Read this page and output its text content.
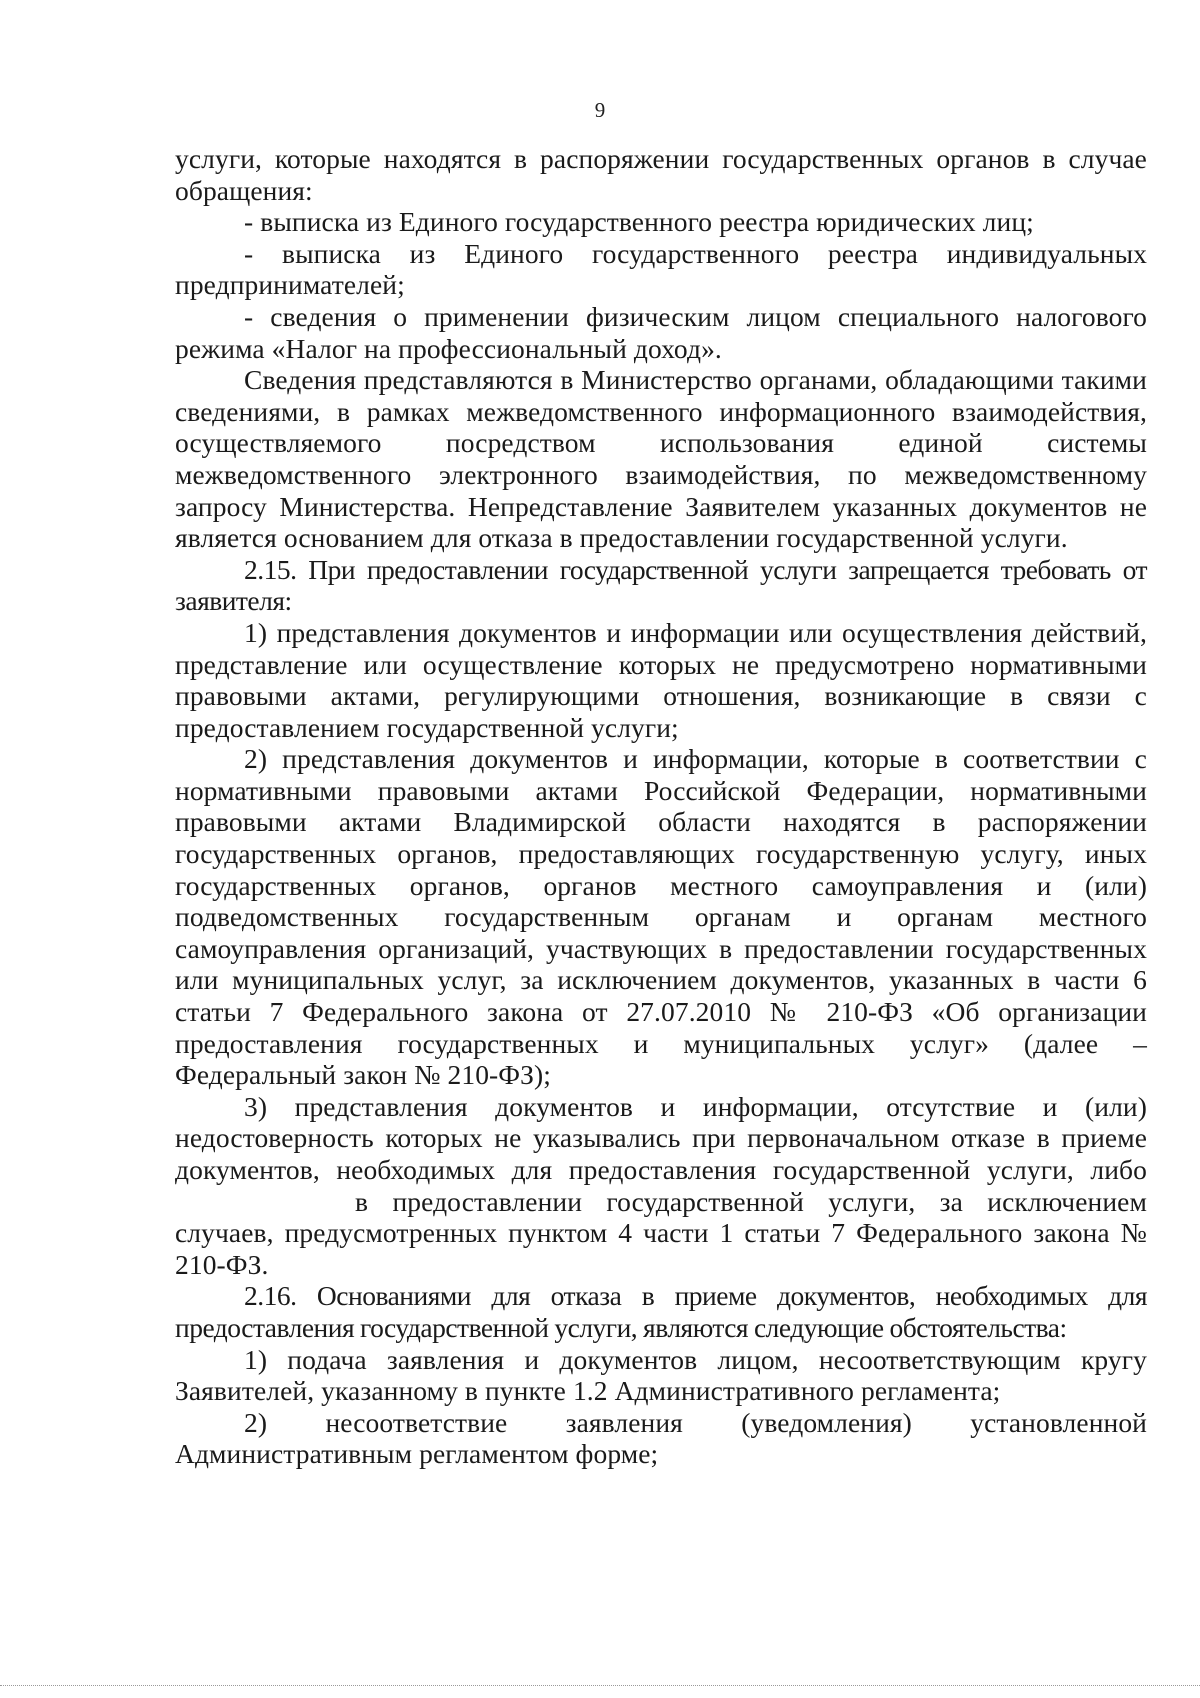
9

услуги, которые находятся в распоряжении государственных органов в случае обращения:

- выписка из Единого государственного реестра юридических лиц;

- выписка из Единого государственного реестра индивидуальных предпринимателей;

- сведения о применении физическим лицом специального налогового режима «Налог на профессиональный доход».

Сведения представляются в Министерство органами, обладающими такими сведениями, в рамках межведомственного информационного взаимодействия, осуществляемого посредством использования единой системы межведомственного электронного взаимодействия, по межведомственному запросу Министерства. Непредставление Заявителем указанных документов не является основанием для отказа в предоставлении государственной услуги.

2.15. При предоставлении государственной услуги запрещается требовать от заявителя:

1) представления документов и информации или осуществления действий, представление или осуществление которых не предусмотрено нормативными правовыми актами, регулирующими отношения, возникающие в связи с предоставлением государственной услуги;

2) представления документов и информации, которые в соответствии с нормативными правовыми актами Российской Федерации, нормативными правовыми актами Владимирской области находятся в распоряжении государственных органов, предоставляющих государственную услугу, иных государственных органов, органов местного самоуправления и (или) подведомственных государственным органам и органам местного самоуправления организаций, участвующих в предоставлении государственных или муниципальных услуг, за исключением документов, указанных в части 6 статьи 7 Федерального закона от 27.07.2010 № 210-ФЗ «Об организации предоставления государственных и муниципальных услуг» (далее – Федеральный закон № 210-ФЗ);

3) представления документов и информации, отсутствие и (или) недостоверность которых не указывались при первоначальном отказе в приеме документов, необходимых для предоставления государственной услуги, либов предоставлении государственной услуги, за исключением случаев, предусмотренных пунктом 4 части 1 статьи 7 Федерального закона № 210-ФЗ.

2.16. Основаниями для отказа в приеме документов, необходимых для предоставления государственной услуги, являются следующие обстоятельства:

1) подача заявления и документов лицом, несоответствующим кругу Заявителей, указанному в пункте 1.2 Административного регламента;

2) несоответствие заявления (уведомления) установленной Административным регламентом форме;
